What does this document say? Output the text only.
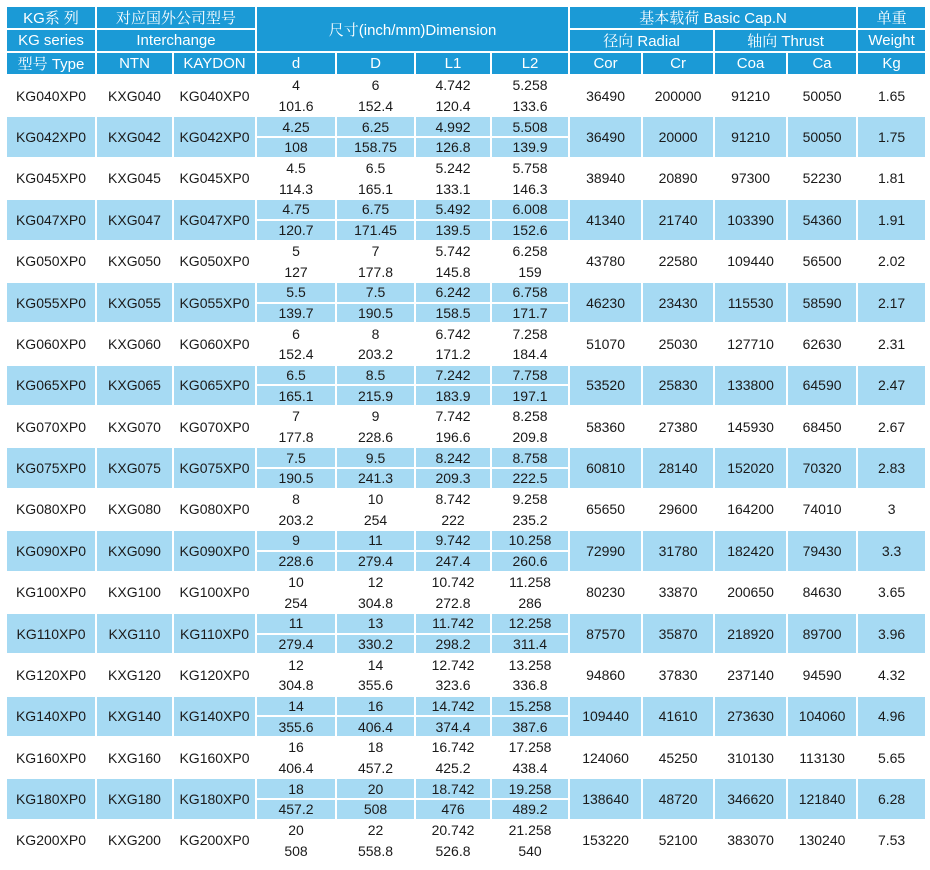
KG系 列	对应国外公司型号		尺寸(inch/mm)Dimension				基本载荷 Basic Cap.N				单重
KG series	Interchange						径向 Radial		轴向 Thrust		Weight
型号 Type	NTN	KAYDON	d	D	L1	L2	Cor	Cr	Coa	Ca	Kg
KG040XP0	KXG040	KG040XP0	4	6	4.742	5.258	36490	200000	91210	50050	1.65
			101.6	152.4	120.4	133.6					
KG042XP0	KXG042	KG042XP0	4.25	6.25	4.992	5.508	36490	20000	91210	50050	1.75
			108	158.75	126.8	139.9					
KG045XP0	KXG045	KG045XP0	4.5	6.5	5.242	5.758	38940	20890	97300	52230	1.81
			114.3	165.1	133.1	146.3					
KG047XP0	KXG047	KG047XP0	4.75	6.75	5.492	6.008	41340	21740	103390	54360	1.91
			120.7	171.45	139.5	152.6					
KG050XP0	KXG050	KG050XP0	5	7	5.742	6.258	43780	22580	109440	56500	2.02
			127	177.8	145.8	159					
KG055XP0	KXG055	KG055XP0	5.5	7.5	6.242	6.758	46230	23430	115530	58590	2.17
			139.7	190.5	158.5	171.7					
KG060XP0	KXG060	KG060XP0	6	8	6.742	7.258	51070	25030	127710	62630	2.31
			152.4	203.2	171.2	184.4					
KG065XP0	KXG065	KG065XP0	6.5	8.5	7.242	7.758	53520	25830	133800	64590	2.47
			165.1	215.9	183.9	197.1					
KG070XP0	KXG070	KG070XP0	7	9	7.742	8.258	58360	27380	145930	68450	2.67
			177.8	228.6	196.6	209.8					
KG075XP0	KXG075	KG075XP0	7.5	9.5	8.242	8.758	60810	28140	152020	70320	2.83
			190.5	241.3	209.3	222.5					
KG080XP0	KXG080	KG080XP0	8	10	8.742	9.258	65650	29600	164200	74010	3
			203.2	254	222	235.2					
KG090XP0	KXG090	KG090XP0	9	11	9.742	10.258	72990	31780	182420	79430	3.3
			228.6	279.4	247.4	260.6					
KG100XP0	KXG100	KG100XP0	10	12	10.742	11.258	80230	33870	200650	84630	3.65
			254	304.8	272.8	286					
KG110XP0	KXG110	KG110XP0	11	13	11.742	12.258	87570	35870	218920	89700	3.96
			279.4	330.2	298.2	311.4					
KG120XP0	KXG120	KG120XP0	12	14	12.742	13.258	94860	37830	237140	94590	4.32
			304.8	355.6	323.6	336.8					
KG140XP0	KXG140	KG140XP0	14	16	14.742	15.258	109440	41610	273630	104060	4.96
			355.6	406.4	374.4	387.6					
KG160XP0	KXG160	KG160XP0	16	18	16.742	17.258	124060	45250	310130	113130	5.65
			406.4	457.2	425.2	438.4					
KG180XP0	KXG180	KG180XP0	18	20	18.742	19.258	138640	48720	346620	121840	6.28
			457.2	508	476	489.2					
KG200XP0	KXG200	KG200XP0	20	22	20.742	21.258	153220	52100	383070	130240	7.53
			508	558.8	526.8	540					
